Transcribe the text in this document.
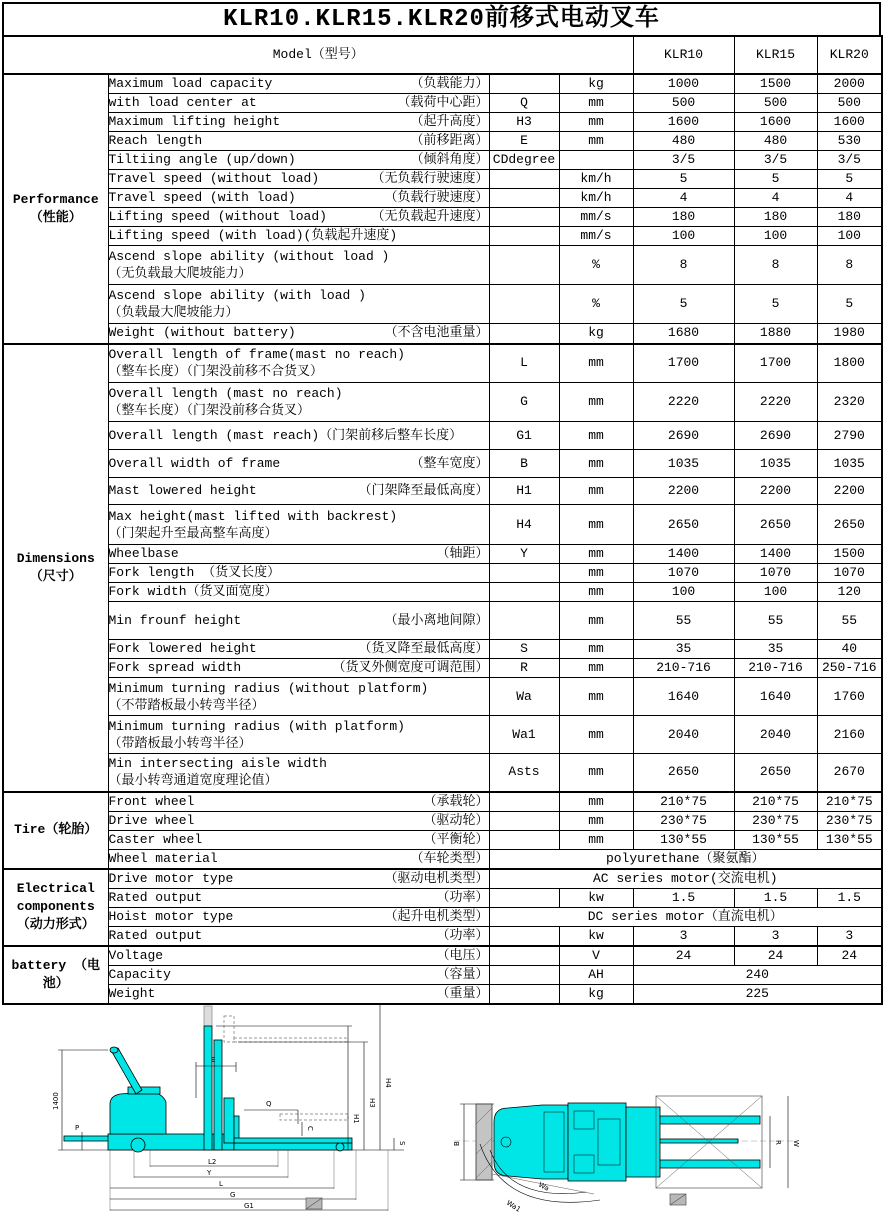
KLR10.KLR15.KLR20前移式电动叉车
Model（型号）				KLR10	KLR15	KLR20
Performance （性能）	Maximum load capacity （负载能力）		kg	1000	1500	2000

	with load center at （载荷中心距）	Q	mm	500	500	500

	Maximum lifting height （起升高度）	H3	mm	1600	1600	1600

	Reach length （前移距离）	E	mm	480	480	530

	Tiltiing angle (up/down) （倾斜角度）	CDdegree		3/5	3/5	3/5

	Travel speed (without load) （无负载行驶速度）		km/h	5	5	5

	Travel speed (with load) （负载行驶速度）		km/h	4	4	4

	Lifting speed (without load) （无负载起升速度）		mm/s	180	180	180

	Lifting speed (with load)(负载起升速度)		mm/s	100	100	100

	Ascend slope ability (without load )
（无负载最大爬坡能力）		%	8	8	8

	Ascend slope ability (with load )
（负载最大爬坡能力）		%	5	5	5

	Weight (without battery) （不含电池重量）		kg	1680	1880	1980
Dimensions （尺寸）	Overall length of frame(mast no reach)
（整车长度）（门架没前移不合货叉）	L	mm	1700	1700	1800

	Overall length (mast no reach)
（整车长度）（门架没前移合货叉）	G	mm	2220	2220	2320

	Overall length (mast reach)（门架前移后整车长度）	G1	mm	2690	2690	2790

	Overall width of frame （整车宽度）	B	mm	1035	1035	1035

	Mast lowered height （门架降至最低高度）	H1	mm	2200	2200	2200

	Max height(mast lifted with backrest)
（门架起升至最高整车高度）	H4	mm	2650	2650	2650

	Wheelbase （轴距）	Y	mm	1400	1400	1500

	Fork length （货叉长度）		mm	1070	1070	1070

	Fork width（货叉面宽度）		mm	100	100	120

	Min frounf height （最小离地间隙）		mm	55	55	55

	Fork lowered height （货叉降至最低高度）	S	mm	35	35	40

	Fork spread width （货叉外侧宽度可调范围）	R	mm	210-716	210-716	250-716

	Minimum turning radius (without platform)
（不带踏板最小转弯半径）	Wa	mm	1640	1640	1760

	Minimum turning radius (with platform)
（带踏板最小转弯半径）	Wa1	mm	2040	2040	2160

	Min intersecting aisle width
（最小转弯通道宽度理论值）	Asts	mm	2650	2650	2670
Tire（轮胎）	Front wheel （承载轮）		mm	210*75	210*75	210*75

	Drive wheel （驱动轮）		mm	230*75	230*75	230*75

	Caster wheel （平衡轮）		mm	130*55	130*55	130*55

	Wheel material （车轮类型）	polyurethane（聚氨酯）				
Electrical components （动力形式）	Drive motor type （驱动电机类型）	AC series motor(交流电机)				

	Rated output （功率）		kw	1.5	1.5	1.5

	Hoist motor type （起升电机类型）	DC series motor（直流电机）				

	Rated output （功率）		kw	3	3	3
battery （电池）	Voltage （电压）		V	24	24	24

	Capacity （容量）		AH	240		

	Weight （重量）		kg	225		
H4
H3
H1
E
Q
1400
P	C
S
L2
Y
L
G
G1
B	R W
Wa
Wa1
